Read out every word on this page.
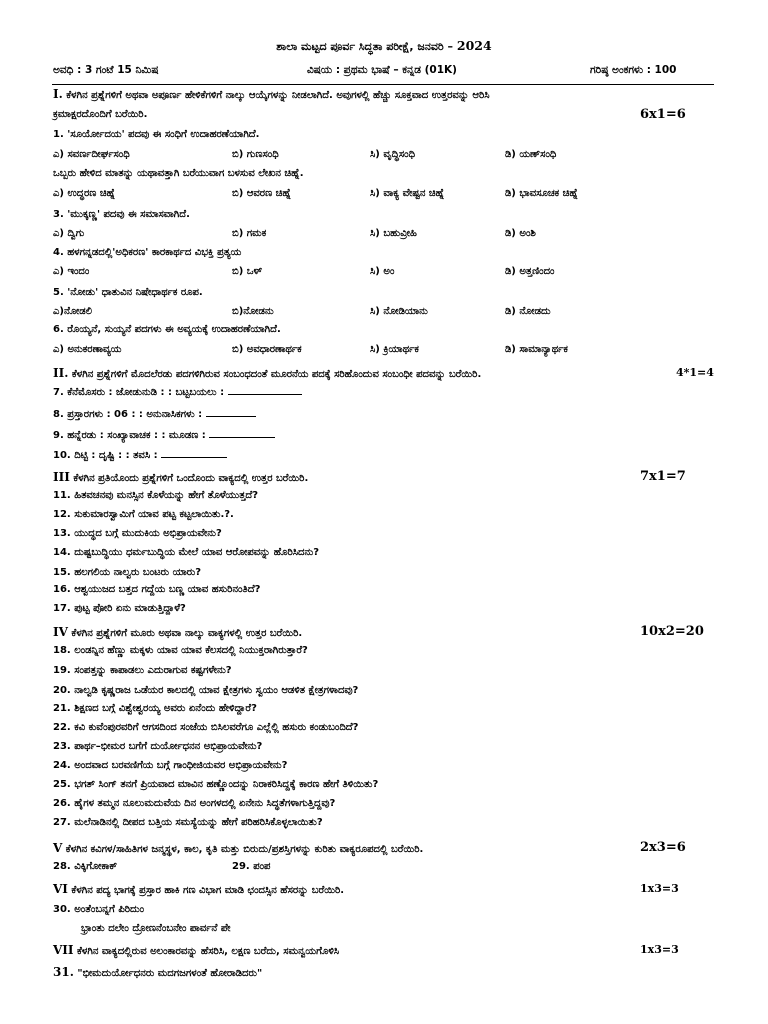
ಶಾಲಾ ಮಟ್ಟದ ಪೂರ್ವ ಸಿದ್ಧತಾ ಪರೀಕ್ಷೆ, ಜನವರಿ – 2024
ಅವಧಿ : 3 ಗಂಟೆ 15 ನಿಮಿಷ	ವಿಷಯ : ಪ್ರಥಮ ಭಾಷೆ – ಕನ್ನಡ (01K)	ಗರಿಷ್ಠ ಅಂಕಗಳು : 100
I. ಕೆಳಗಿನ ಪ್ರಶ್ನೆಗಳಿಗೆ ಅಥವಾ ಅಪೂರ್ಣ ಹೇಳಿಕೆಗಳಿಗೆ ನಾಲ್ಕು ಆಯ್ಕೆಗಳನ್ನು ನೀಡಲಾಗಿದೆ. ಅವುಗಳಲ್ಲಿ ಹೆಚ್ಚು ಸೂಕ್ತವಾದ ಉತ್ತರವನ್ನು ಆರಿಸಿ
ಕ್ರಮಾಕ್ಷರದೊಂದಿಗೆ ಬರೆಯಿರಿ.	6x1=6
1. 'ಸೂರ್ಯೋದಯ' ಪದವು ಈ ಸಂಧಿಗೆ ಉದಾಹರಣೆಯಾಗಿದೆ.
ಎ) ಸವರ್ಣದೀರ್ಘಸಂಧಿ	ಬಿ) ಗುಣಸಂಧಿ	ಸಿ) ವೃದ್ಧಿಸಂಧಿ	ಡಿ) ಯಣ್‌ಸಂಧಿ
ಒಬ್ಬರು ಹೇಳಿದ ಮಾತನ್ನು ಯಥಾವತ್ತಾಗಿ ಬರೆಯುವಾಗ ಬಳಸುವ ಲೇಖನ ಚಿಹ್ನೆ.
ಎ) ಉದ್ಧರಣ ಚಿಹ್ನೆ	ಬಿ) ಆವರಣ ಚಿಹ್ನೆ	ಸಿ) ವಾಕ್ಯ ವೇಷ್ಟನ ಚಿಹ್ನೆ	ಡಿ) ಭಾವಸೂಚಕ ಚಿಹ್ನೆ
3. 'ಮುಕ್ಕಣ್ಣ' ಪದವು ಈ ಸಮಾಸವಾಗಿದೆ.
ಎ) ದ್ವಿಗು	ಬಿ) ಗಮಕ	ಸಿ) ಬಹುವ್ರೀಹಿ	ಡಿ) ಅಂಶಿ
4. ಹಳಗನ್ನಡದಲ್ಲಿ'ಅಧಿಕರಣ' ಕಾರಕಾರ್ಥದ ವಿಭಕ್ತಿ ಪ್ರತ್ಯಯ
ಎ) ಇಂದಂ	ಬಿ) ಒಳ್	ಸಿ) ಅಂ	ಡಿ) ಅತ್ತಣಿಂದಂ
5. 'ನೋಡು' ಧಾತುವಿನ ನಿಷೇಧಾರ್ಥಕ ರೂಪ.
ಎ)ನೋಡಲಿ	ಬಿ)ನೋಡನು	ಸಿ) ನೋಡಿಯಾನು	ಡಿ) ನೋಡದು
6. ರೊಯ್ಯನೆ, ಸುಯ್ಯನೆ ಪದಗಳು ಈ ಅವ್ಯಯಕ್ಕೆ ಉದಾಹರಣೆಯಾಗಿದೆ.
ಎ) ಅನುಕರಣಾವ್ಯಯ	ಬಿ) ಅವಧಾರಣಾರ್ಥಕ	ಸಿ) ಕ್ರಿಯಾರ್ಥಕ	ಡಿ) ಸಾಮಾನ್ಯಾರ್ಥಕ
II. ಕೆಳಗಿನ ಪ್ರಶ್ನೆಗಳಿಗೆ ಮೊದಲೆರಡು ಪದಗಳಿಗಿರುವ ಸಂಬಂಧದಂತೆ ಮೂರನೆಯ ಪದಕ್ಕೆ ಸರಿಹೊಂದುವ ಸಂಬಂಧೀ ಪದವನ್ನು ಬರೆಯಿರಿ.	4*1=4
7. ಕೆನೆಮೊಸರು : ಜೋಡುನುಡಿ : : ಬಟ್ಟಬಯಲು :
8. ಪ್ರಸ್ತಾರಗಳು : 06 : : ಅನುನಾಸಿಕಗಳು :
9. ಹನ್ನೆರಡು : ಸಂಖ್ಯಾವಾಚಕ : : ಮೂಡಣ :
10. ದಿಟ್ಟಿ : ದೃಷ್ಟಿ : : ತವಸಿ :
III ಕೆಳಗಿನ ಪ್ರತಿಯೊಂದು ಪ್ರಶ್ನೆಗಳಿಗೆ ಒಂದೊಂದು ವಾಕ್ಯದಲ್ಲಿ ಉತ್ತರ ಬರೆಯಿರಿ.	7x1=7
11. ಹಿತವಚನವು ಮನಸ್ಸಿನ ಕೊಳೆಯನ್ನು ಹೇಗೆ ತೊಳೆಯುತ್ತದೆ?
12. ಸುಕುಮಾರಸ್ವಾಮಿಗೆ ಯಾವ ಪಟ್ಟ ಕಟ್ಟಲಾಯಿತು.?.
13. ಯುದ್ಧದ ಬಗ್ಗೆ ಮುದುಕಿಯ ಅಭಿಪ್ರಾಯವೇನು?
14. ದುಷ್ಟಬುದ್ಧಿಯು ಧರ್ಮಬುದ್ಧಿಯ ಮೇಲೆ ಯಾವ ಆರೋಪವನ್ನು ಹೊರಿಸಿದನು?
15. ಹಲಗಲಿಯ ನಾಲ್ವರು ಬಂಟರು ಯಾರು?
16. ಆಶ್ವಯುಜದ ಬತ್ತದ ಗದ್ದೆಯ ಬಣ್ಣ ಯಾವ ಹಸುರಿನಂತಿದೆ?
17. ಪುಟ್ಟ ಪೋರಿ ಏನು ಮಾಡುತ್ತಿದ್ದಾಳೆ?
IV ಕೆಳಗಿನ ಪ್ರಶ್ನೆಗಳಿಗೆ ಮೂರು ಅಥವಾ ನಾಲ್ಕು ವಾಕ್ಯಗಳಲ್ಲಿ ಉತ್ತರ ಬರೆಯಿರಿ.	10x2=20
18. ಲಂಡನ್ನಿನ ಹೆಣ್ಣು ಮಕ್ಕಳು ಯಾವ ಯಾವ ಕೆಲಸದಲ್ಲಿ ನಿಯುಕ್ತರಾಗಿರುತ್ತಾರೆ?
19. ಸಂಪತ್ತನ್ನು ಕಾಪಾಡಲು ಎದುರಾಗುವ ಕಷ್ಟಗಳೇನು?
20. ನಾಲ್ವಡಿ ಕೃಷ್ಣರಾಜ ಒಡೆಯರ ಕಾಲದಲ್ಲಿ ಯಾವ ಕ್ಷೇತ್ರಗಳು ಸ್ವಯಂ ಆಡಳಿತ ಕ್ಷೇತ್ರಗಳಾದವು?
21. ಶಿಕ್ಷಣದ ಬಗ್ಗೆ ವಿಶ್ವೇಶ್ವರಯ್ಯ ಅವರು ಏನೆಂದು ಹೇಳಿದ್ದಾರೆ?
22. ಕವಿ ಕುವೆಂಪುರವರಿಗೆ ಆಗಸದಿಂದ ಸಂಜೆಯ ಬಿಸಿಲವರೆಗೂ ಎಲ್ಲೆಲ್ಲಿ ಹಸುರು ಕಂಡುಬಂದಿದೆ?
23. ಪಾರ್ಥ–ಭೀಮರ ಬಗೆಗೆ ದುರ್ಯೋಧನನ ಅಭಿಪ್ರಾಯವೇನು?
24. ಅಂದವಾದ ಬರವಣಿಗೆಯ ಬಗ್ಗೆ ಗಾಂಧೀಜಿಯವರ ಅಭಿಪ್ರಾಯವೇನು?
25. ಭಗತ್ ಸಿಂಗ್ ತನಗೆ ಪ್ರಿಯವಾದ ಮಾವಿನ ಹಣ್ಣೊಂದನ್ನು ನಿರಾಕರಿಸಿದ್ದಕ್ಕೆ ಕಾರಣ ಹೇಗೆ ತಿಳಿಯಿತು?
26. ಹೈಗಳ ತಮ್ಮನ ನೂಲುಮದುವೆಯ ದಿನ ಅಂಗಳದಲ್ಲಿ ಏನೇನು ಸಿದ್ಧತೆಗಳಾಗುತ್ತಿದ್ದವು?
27. ಮಲೆನಾಡಿನಲ್ಲಿ ದೀಪದ ಬತ್ತಿಯ ಸಮಸ್ಯೆಯನ್ನು ಹೇಗೆ ಪರಿಹರಿಸಿಕೊಳ್ಳಲಾಯಿತು?
V ಕೆಳಗಿನ ಕವಿಗಳ/ಸಾಹಿತಿಗಳ ಜನ್ಮಸ್ಥಳ, ಕಾಲ, ಕೃತಿ ಮತ್ತು ಬಿರುದು/ಪ್ರಶಸ್ತಿಗಳನ್ನು ಕುರಿತು ವಾಕ್ಯರೂಪದಲ್ಲಿ ಬರೆಯಿರಿ.	2x3=6
28. ವಿಕ್ಕಿಗೋಕಾಕ್	29. ಪಂಪ
VI ಕೆಳಗಿನ ಪದ್ಯ ಭಾಗಕ್ಕೆ ಪ್ರಸ್ತಾರ ಹಾಕಿ ಗಣ ವಿಭಾಗ ಮಾಡಿ ಛಂದಸ್ಸಿನ ಹೆಸರನ್ನು ಬರೆಯಿರಿ.	1x3=3
30. ಅಂತೆಂಬನ್ನಗೆ ಪಿರಿದುಂ
ಭ್ರಾಂತು ದಲೇಂ ದ್ರೋಣನೆಂಬನೇಂ ಪಾರ್ವನೆ ಪೇ
VII ಕೆಳಗಿನ ವಾಕ್ಯದಲ್ಲಿರುವ ಅಲಂಕಾರವನ್ನು ಹೆಸರಿಸಿ, ಲಕ್ಷಣ ಬರೆದು, ಸಮನ್ವಯಗೊಳಿಸಿ	1x3=3
31. "ಭೀಮದುರ್ಯೋಧನರು ಮದಗಜಗಳಂತೆ ಹೋರಾಡಿದರು"
